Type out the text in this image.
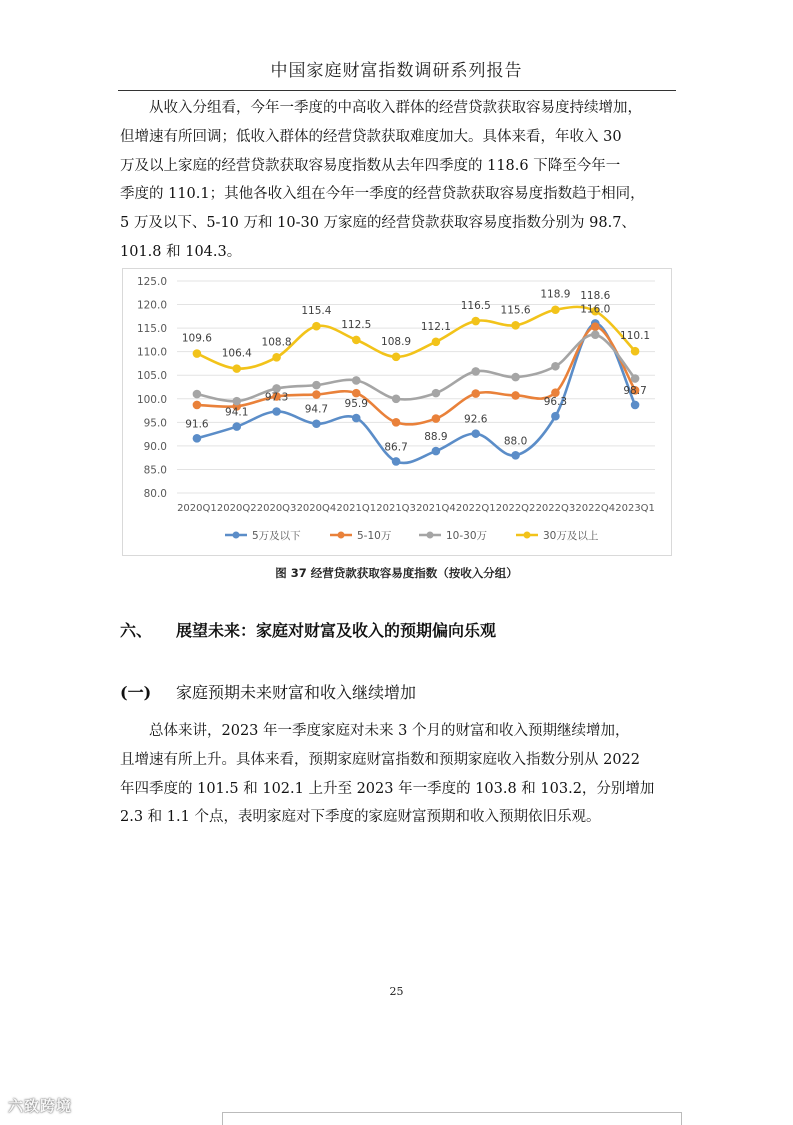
中国家庭财富指数调研系列报告
　　从收入分组看，今年一季度的中高收入群体的经营贷款获取容易度持续增加，
但增速有所回调；低收入群体的经营贷款获取难度加大。具体来看，年收入 30
万及以上家庭的经营贷款获取容易度指数从去年四季度的 118.6 下降至今年一
季度的 110.1；其他各收入组在今年一季度的经营贷款获取容易度指数趋于相同，
5 万及以下、5-10 万和 10-30 万家庭的经营贷款获取容易度指数分别为 98.7、
101.8 和 104.3。
80.0
85.0
90.0
95.0
100.0
105.0
110.0
115.0
120.0
125.0
2020Q1 2020Q2 2020Q3 2020Q4 2021Q1 2021Q3 2021Q4 2022Q1 2022Q2 2022Q3 2022Q4 2023Q1
91.6
94.1
97.3
94.7 95.9
86.7
88.9
92.6
88.0
96.3
116.0
98.7
109.6
106.4
108.8
115.4
112.5
108.9
112.1
116.5 115.6
118.9 118.6
110.1
5万及以下	5-10万	10-30万	30万及以上
图 37 经营贷款获取容易度指数（按收入分组）
六、 展望未来：家庭对财富及收入的预期偏向乐观
(一) 家庭预期未来财富和收入继续增加
　　总体来讲，2023 年一季度家庭对未来 3 个月的财富和收入预期继续增加，
且增速有所上升。具体来看，预期家庭财富指数和预期家庭收入指数分别从 2022
年四季度的 101.5 和 102.1 上升至 2023 年一季度的 103.8 和 103.2，分别增加
2.3 和 1.1 个点，表明家庭对下季度的家庭财富预期和收入预期依旧乐观。
25
六致跨境
